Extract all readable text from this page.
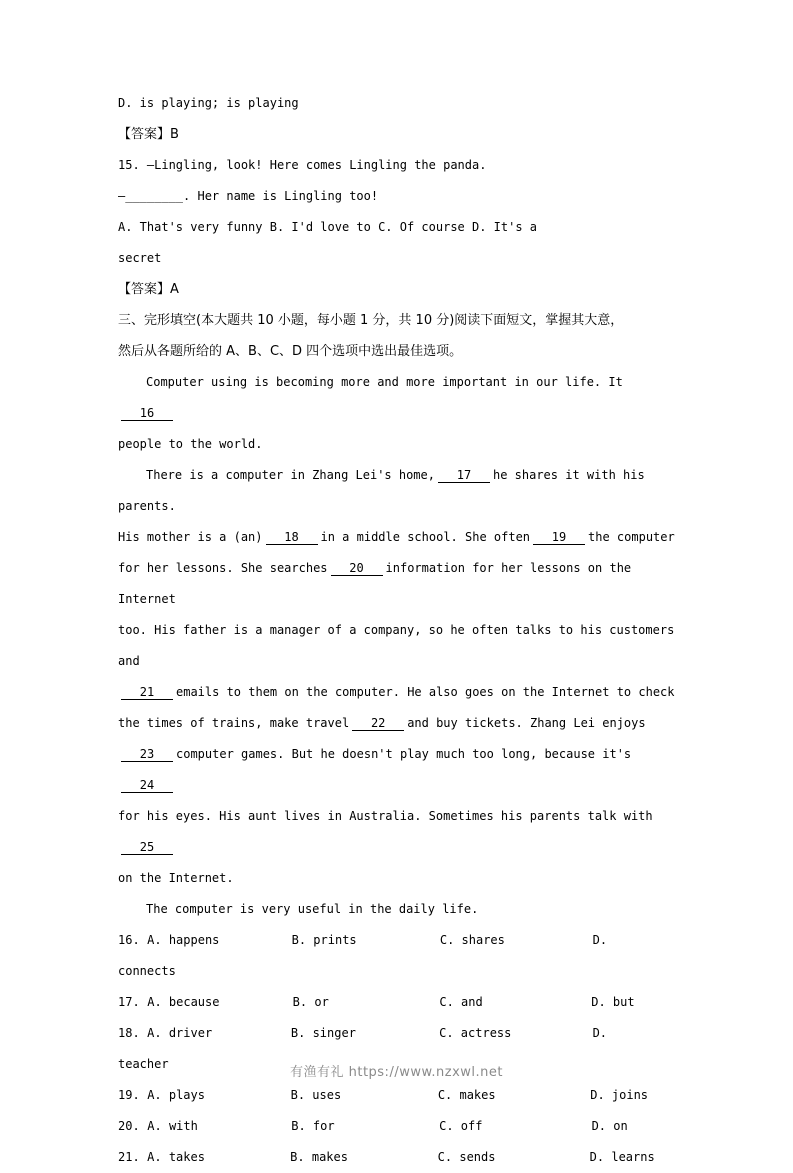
D. is playing; is playing
【答案】B
15. —Lingling, look! Here comes Lingling the panda.
—________. Her name is Lingling too!
A. That's very funny B. I'd love to C. Of course D. It's a
secret
【答案】A
三、完形填空(本大题共 10 小题，每小题 1 分，共 10 分)阅读下面短文，掌握其大意，
然后从各题所给的 A、B、C、D 四个选项中选出最佳选项。
Computer using is becoming more and more important in our life. It16
people to the world.
There is a computer in Zhang Lei's home, 17 he shares it with his parents.
His mother is a (an) 18 in a middle school. She often 19 the computer
for her lessons. She searches 20 information for her lessons on the Internet
too. His father is a manager of a company, so he often talks to his customers and
21 emails to them on the computer. He also goes on the Internet to check
the times of trains, make travel 22 and buy tickets. Zhang Lei enjoys
23 computer games. But he doesn't play much too long, because it's24
for his eyes. His aunt lives in Australia. Sometimes his parents talk with25
on the Internet.
The computer is very useful in the daily life.
16.	A. happens	B. prints	C. shares	D.
connects
17.	A. because	B. or	C. and	D. but
18.	A. driver	B. singer	C. actress	D.
teacher
19.	A. plays	B. uses	C. makes	D. joins
20.	A. with	B. for	C. off	D. on
21.	A. takes	B. makes	C. sends	D. learns
有渔有礼 https://www.nzxwl.net
